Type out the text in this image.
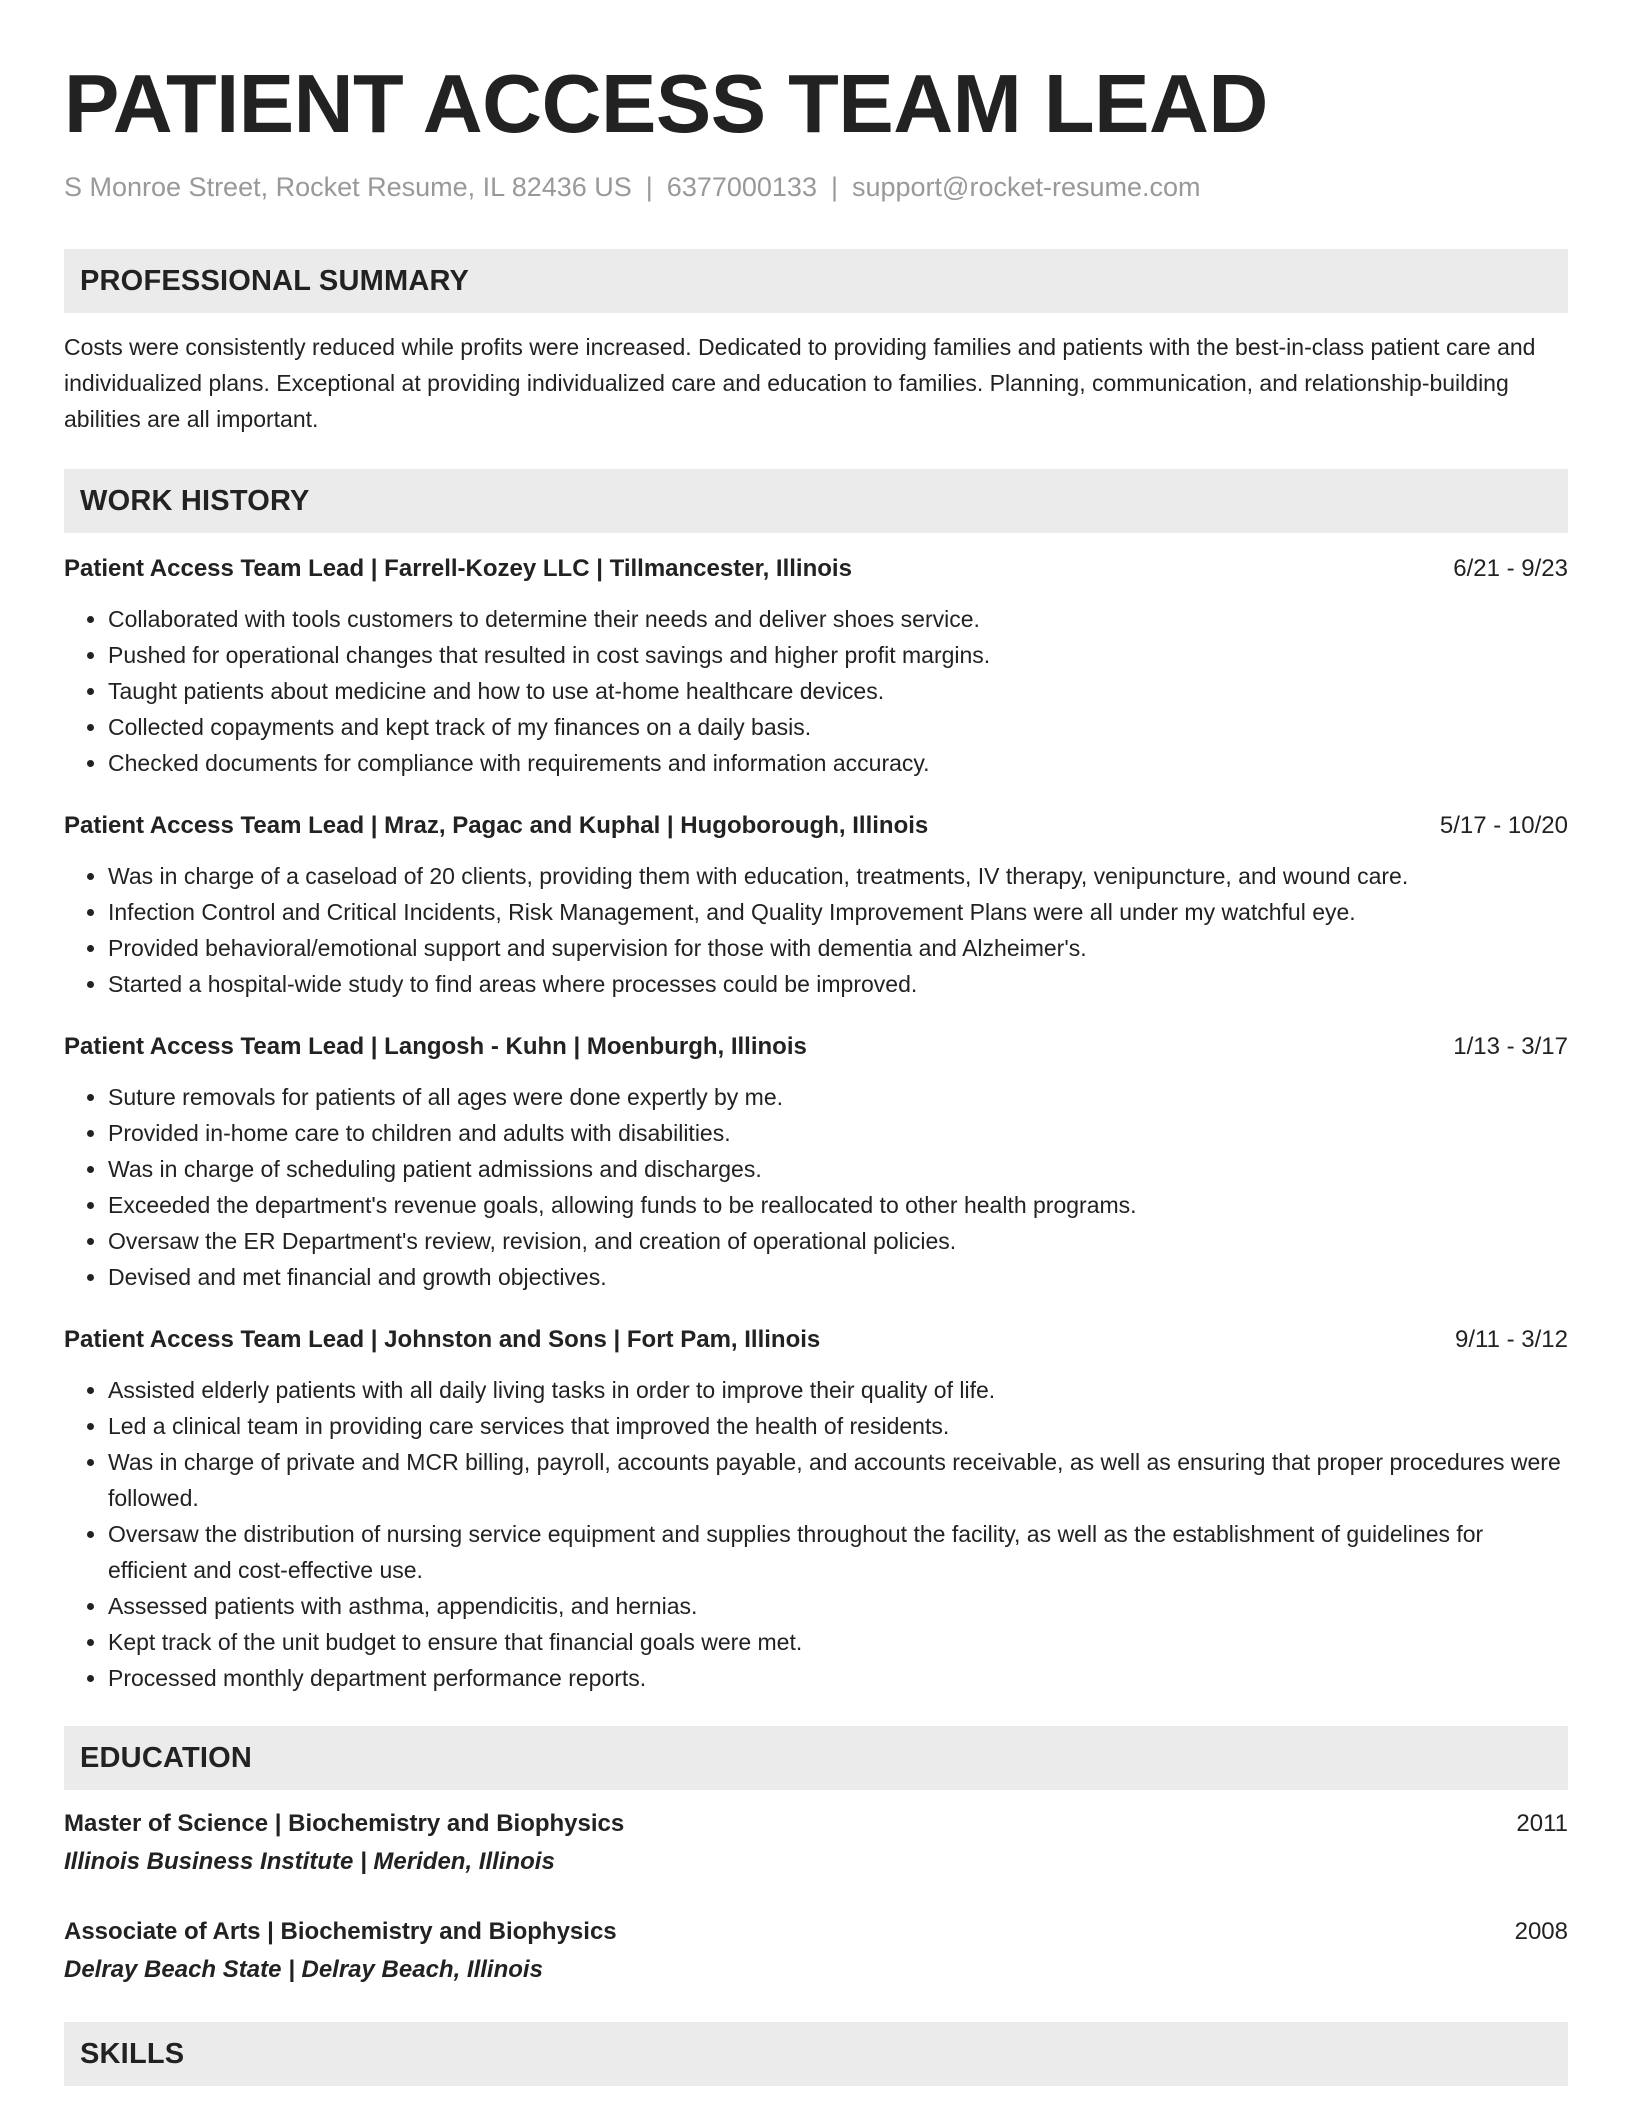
PATIENT ACCESS TEAM LEAD
S Monroe Street, Rocket Resume, IL 82436 US | 6377000133 | support@rocket-resume.com
PROFESSIONAL SUMMARY

Costs were consistently reduced while profits were increased. Dedicated to providing families and patients with the best-in-class patient care and individualized plans. Exceptional at providing individualized care and education to families. Planning, communication, and relationship-building abilities are all important.

WORK HISTORY
Patient Access Team Lead | Farrell-Kozey LLC | Tillmancester, Illinois	6/21 - 9/23
• Collaborated with tools customers to determine their needs and deliver shoes service.
• Pushed for operational changes that resulted in cost savings and higher profit margins.
• Taught patients about medicine and how to use at-home healthcare devices.
• Collected copayments and kept track of my finances on a daily basis.
• Checked documents for compliance with requirements and information accuracy.
Patient Access Team Lead | Mraz, Pagac and Kuphal | Hugoborough, Illinois	5/17 - 10/20
• Was in charge of a caseload of 20 clients, providing them with education, treatments, IV therapy, venipuncture, and wound care.
• Infection Control and Critical Incidents, Risk Management, and Quality Improvement Plans were all under my watchful eye.
• Provided behavioral/emotional support and supervision for those with dementia and Alzheimer's.
• Started a hospital-wide study to find areas where processes could be improved.
Patient Access Team Lead | Langosh - Kuhn | Moenburgh, Illinois	1/13 - 3/17
• Suture removals for patients of all ages were done expertly by me.
• Provided in-home care to children and adults with disabilities.
• Was in charge of scheduling patient admissions and discharges.
• Exceeded the department's revenue goals, allowing funds to be reallocated to other health programs.
• Oversaw the ER Department's review, revision, and creation of operational policies.
• Devised and met financial and growth objectives.
Patient Access Team Lead | Johnston and Sons | Fort Pam, Illinois	9/11 - 3/12
• Assisted elderly patients with all daily living tasks in order to improve their quality of life.
• Led a clinical team in providing care services that improved the health of residents.
• Was in charge of private and MCR billing, payroll, accounts payable, and accounts receivable, as well as ensuring that proper procedures were followed.
• Oversaw the distribution of nursing service equipment and supplies throughout the facility, as well as the establishment of guidelines for efficient and cost-effective use.
• Assessed patients with asthma, appendicitis, and hernias.
• Kept track of the unit budget to ensure that financial goals were met.
• Processed monthly department performance reports.
EDUCATION
Master of Science | Biochemistry and Biophysics	2011
Illinois Business Institute | Meriden, Illinois
Associate of Arts | Biochemistry and Biophysics	2008
Delray Beach State | Delray Beach, Illinois
SKILLS
